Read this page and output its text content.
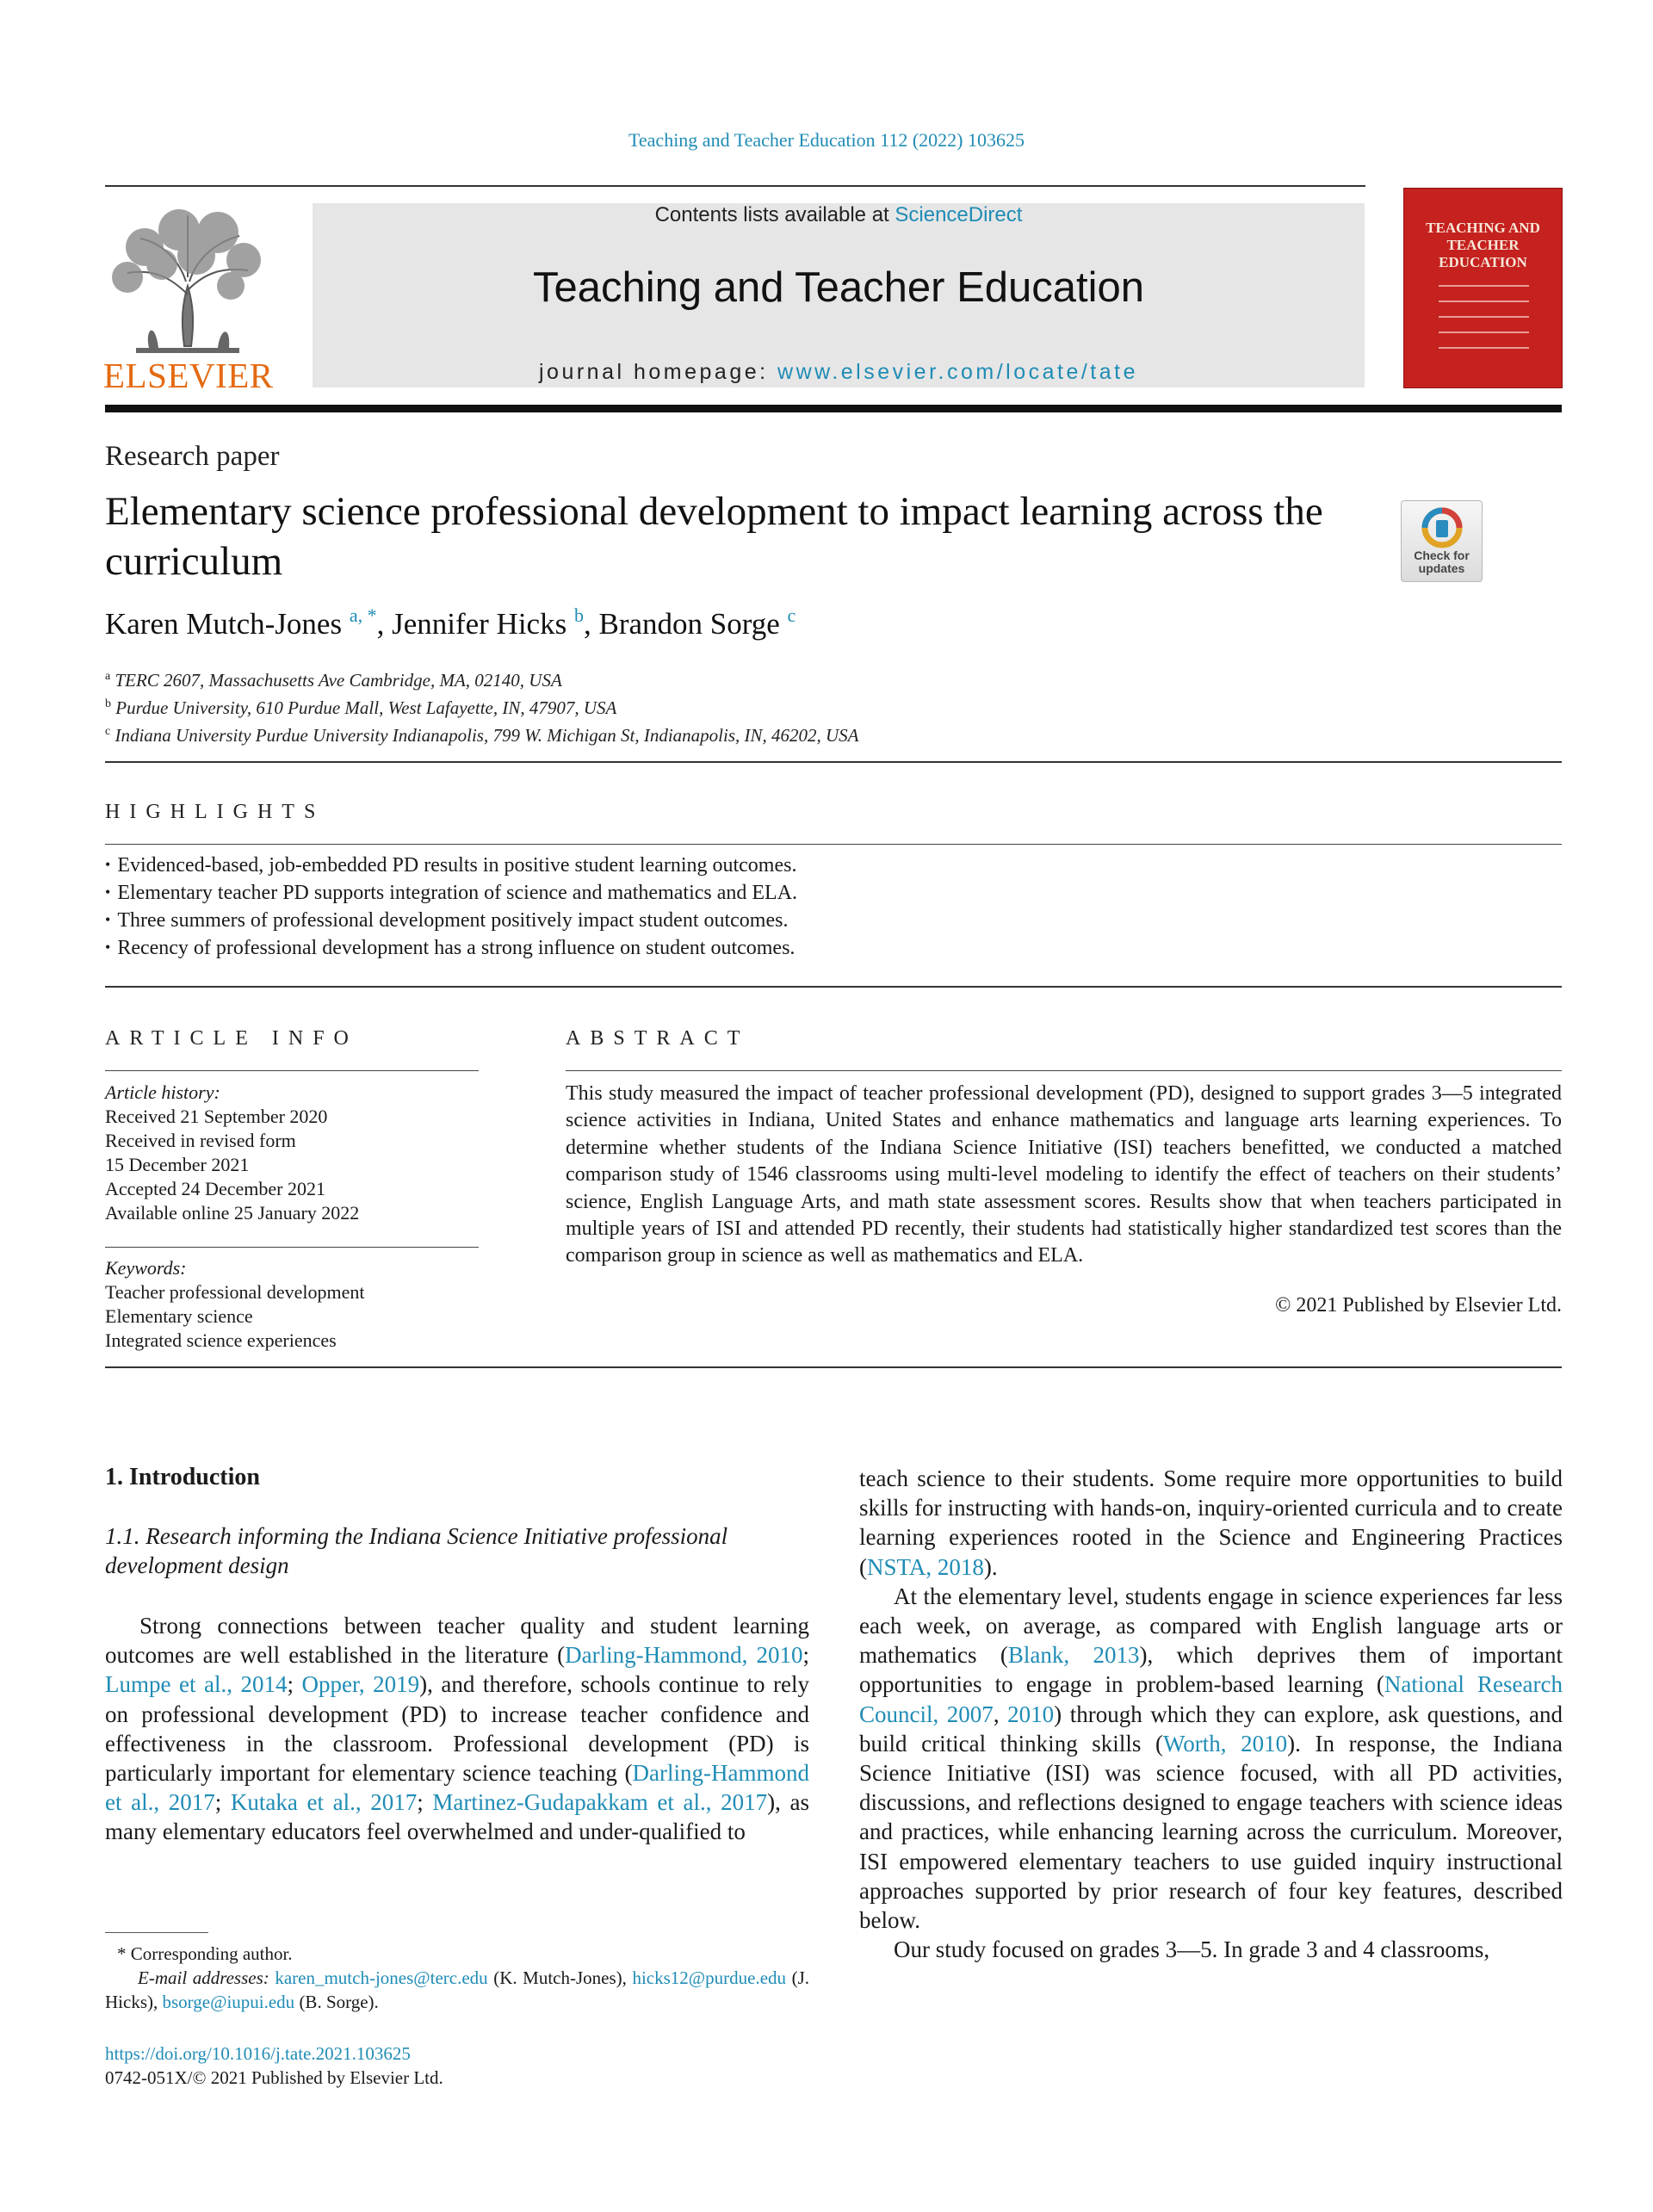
Teaching and Teacher Education 112 (2022) 103625
ELSEVIER
Contents lists available at ScienceDirect
Teaching and Teacher Education
journal homepage: www.elsevier.com/locate/tate
TEACHING AND TEACHER EDUCATION
Research paper
Elementary science professional development to impact learning across the curriculum	Check for updates
Karen Mutch-Jones $^{a, *}$, Jennifer Hicks $^b$, Brandon Sorge $^c$
$^a$ TERC 2607, Massachusetts Ave Cambridge, MA, 02140, USA
$^b$ Purdue University, 610 Purdue Mall, West Lafayette, IN, 47907, USA
$^c$ Indiana University Purdue University Indianapolis, 799 W. Michigan St, Indianapolis, IN, 46202, USA
HIGHLIGHTS
• Evidenced-based, job-embedded PD results in positive student learning outcomes.
• Elementary teacher PD supports integration of science and mathematics and ELA.
• Three summers of professional development positively impact student outcomes.
• Recency of professional development has a strong influence on student outcomes.
ARTICLE INFO
Article history:
Received 21 September 2020
Received in revised form
15 December 2021
Accepted 24 December 2021
Available online 25 January 2022
Keywords:
Teacher professional development
Elementary science
Integrated science experiences
ABSTRACT
This study measured the impact of teacher professional development (PD), designed to support grades 3—5 integrated science activities in Indiana, United States and enhance mathematics and language arts learning experiences. To determine whether students of the Indiana Science Initiative (ISI) teachers benefitted, we conducted a matched comparison study of 1546 classrooms using multi-level modeling to identify the effect of teachers on their students’ science, English Language Arts, and math state assessment scores. Results show that when teachers participated in multiple years of ISI and attended PD recently, their students had statistically higher standardized test scores than the comparison group in science as well as mathematics and ELA.
© 2021 Published by Elsevier Ltd.
1. Introduction
1.1. Research informing the Indiana Science Initiative professional development design
Strong connections between teacher quality and student learning outcomes are well established in the literature (Darling-Hammond, 2010; Lumpe et al., 2014; Opper, 2019), and therefore, schools continue to rely on professional development (PD) to increase teacher confidence and effectiveness in the classroom. Professional development (PD) is particularly important for elementary science teaching (Darling-Hammond et al., 2017; Kutaka et al., 2017; Martinez-Gudapakkam et al., 2017), as many elementary educators feel overwhelmed and under-qualified to
teach science to their students. Some require more opportunities to build skills for instructing with hands-on, inquiry-oriented curricula and to create learning experiences rooted in the Science and Engineering Practices (NSTA, 2018).
At the elementary level, students engage in science experiences far less each week, on average, as compared with English language arts or mathematics (Blank, 2013), which deprives them of important opportunities to engage in problem-based learning (National Research Council, 2007, 2010) through which they can explore, ask questions, and build critical thinking skills (Worth, 2010). In response, the Indiana Science Initiative (ISI) was science focused, with all PD activities, discussions, and reflections designed to engage teachers with science ideas and practices, while enhancing learning across the curriculum. Moreover, ISI empowered elementary teachers to use guided inquiry instructional approaches supported by prior research of four key features, described below.
Our study focused on grades 3—5. In grade 3 and 4 classrooms,
* Corresponding author.
E-mail addresses: karen_mutch-jones@terc.edu (K. Mutch-Jones), hicks12@purdue.edu (J. Hicks), bsorge@iupui.edu (B. Sorge).
https://doi.org/10.1016/j.tate.2021.103625
0742-051X/© 2021 Published by Elsevier Ltd.
